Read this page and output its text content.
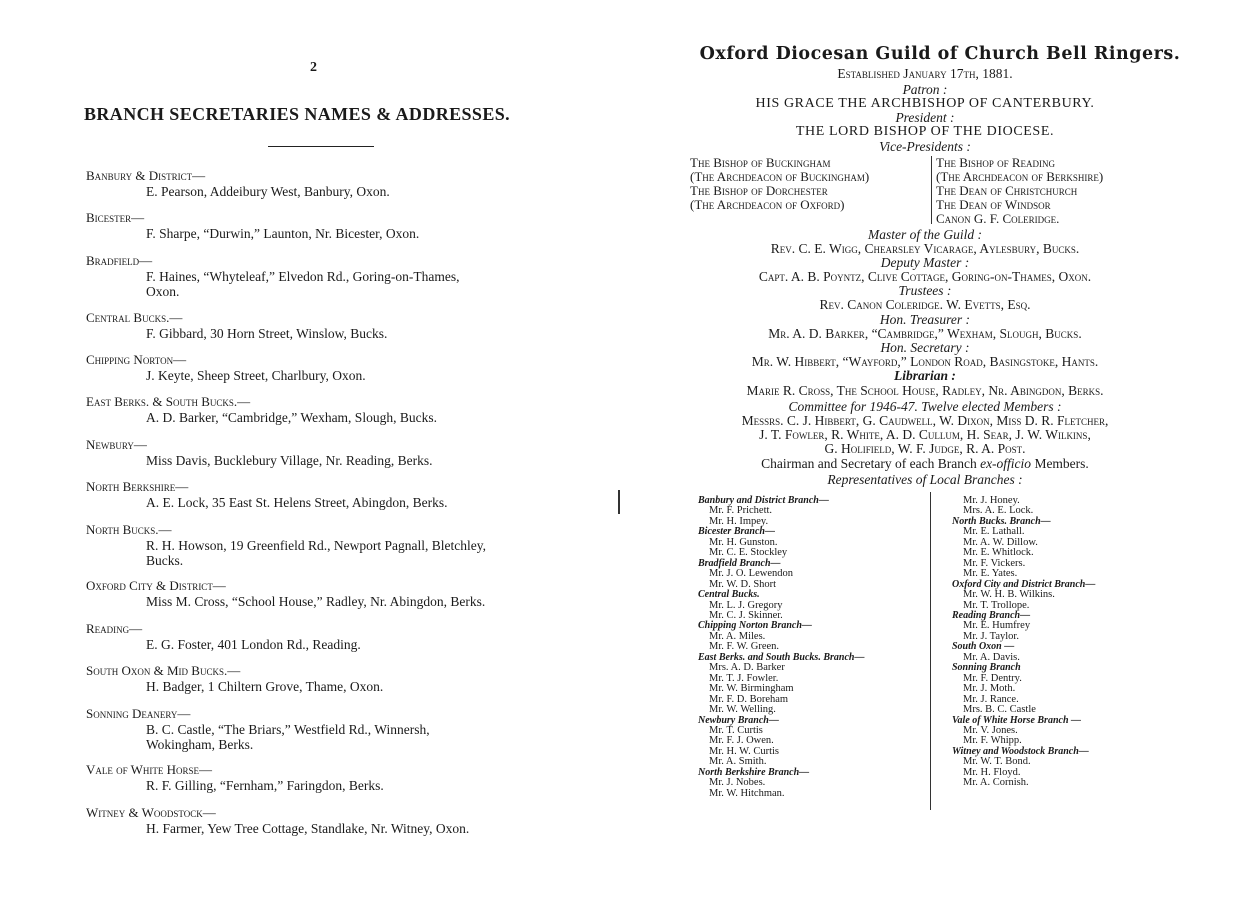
2
BRANCH SECRETARIES NAMES & ADDRESSES.
Banbury & District—
E. Pearson, Addeibury West, Banbury, Oxon.
Bicester—
F. Sharpe, “Durwin,” Launton, Nr. Bicester, Oxon.
Bradfield—
F. Haines, “Whyteleaf,” Elvedon Rd., Goring-on-Thames,
Oxon.
Central Bucks.—
F. Gibbard, 30 Horn Street, Winslow, Bucks.
Chipping Norton—
J. Keyte, Sheep Street, Charlbury, Oxon.
East Berks. & South Bucks.—
A. D. Barker, “Cambridge,” Wexham, Slough, Bucks.
Newbury—
Miss Davis, Bucklebury Village, Nr. Reading, Berks.
North Berkshire—
A. E. Lock, 35 East St. Helens Street, Abingdon, Berks.
North Bucks.—
R. H. Howson, 19 Greenfield Rd., Newport Pagnall, Bletchley,
Bucks.
Oxford City & District—
Miss M. Cross, “School House,” Radley, Nr. Abingdon, Berks.
Reading—
E. G. Foster, 401 London Rd., Reading.
South Oxon & Mid Bucks.—
H. Badger, 1 Chiltern Grove, Thame, Oxon.
Sonning Deanery—
B. C. Castle, “The Briars,” Westfield Rd., Winnersh,
Wokingham, Berks.
Vale of White Horse—
R. F. Gilling, “Fernham,” Faringdon, Berks.
Witney & Woodstock—
H. Farmer, Yew Tree Cottage, Standlake, Nr. Witney, Oxon.
Oxford Diocesan Guild of Church Bell Ringers.
Established January 17th, 1881.
Patron :
HIS GRACE THE ARCHBISHOP OF CANTERBURY.
President :
THE LORD BISHOP OF THE DIOCESE.
Vice-Presidents :
The Bishop of Buckingham
(The Archdeacon of Buckingham)
The Bishop of Dorchester
(The Archdeacon of Oxford)
The Bishop of Reading
(The Archdeacon of Berkshire)
The Dean of Christchurch
The Dean of Windsor
Canon G. F. Coleridge.
Master of the Guild :
Rev. C. E. Wigg, Chearsley Vicarage, Aylesbury, Bucks.
Deputy Master :
Capt. A. B. Poyntz, Clive Cottage, Goring-on-Thames, Oxon.
Trustees :
Rev. Canon Coleridge. W. Evetts, Esq.
Hon. Treasurer :
Mr. A. D. Barker, “Cambridge,” Wexham, Slough, Bucks.
Hon. Secretary :
Mr. W. Hibbert, “Wayford,” London Road, Basingstoke, Hants.
Librarian :
Marie R. Cross, The School House, Radley, Nr. Abingdon, Berks.
Committee for 1946-47. Twelve elected Members :
Messrs. C. J. Hibbert, G. Caudwell, W. Dixon, Miss D. R. Fletcher,
J. T. Fowler, R. White, A. D. Cullum, H. Sear, J. W. Wilkins,
G. Holifield, W. F. Judge, R. A. Post.
Chairman and Secretary of each Branch ex-officio Members.
Representatives of Local Branches :
Banbury and District Branch—
Mr. F. Prichett.
Mr. H. Impey.
Bicester Branch—
Mr. H. Gunston.
Mr. C. E. Stockley
Bradfield Branch—
Mr. J. O. Lewendon
Mr. W. D. Short
Central Bucks.
Mr. L. J. Gregory
Mr. C. J. Skinner.
Chipping Norton Branch—
Mr. A. Miles.
Mr. F. W. Green.
East Berks. and South Bucks. Branch—
Mrs. A. D. Barker
Mr. T. J. Fowler.
Mr. W. Birmingham
Mr. F. D. Boreham
Mr. W. Welling.
Newbury Branch—
Mr. T. Curtis
Mr. F. J. Owen.
Mr. H. W. Curtis
Mr. A. Smith.
North Berkshire Branch—
Mr. J. Nobes.
Mr. W. Hitchman.
Mr. J. Honey.
Mrs. A. E. Lock.
North Bucks. Branch—
Mr. E. Lathall.
Mr. A. W. Dillow.
Mr. E. Whitlock.
Mr. F. Vickers.
Mr. E. Yates.
Oxford City and District Branch—
Mr. W. H. B. Wilkins.
Mr. T. Trollope.
Reading Branch—
Mr. E. Humfrey
Mr. J. Taylor.
South Oxon —
Mr. A. Davis.
Sonning Branch
Mr. F. Dentry.
Mr. J. Moth.
Mr. J. Rance.
Mrs. B. C. Castle
Vale of White Horse Branch —
Mr. V. Jones.
Mr. F. Whipp.
Witney and Woodstock Branch—
Mr. W. T. Bond.
Mr. H. Floyd.
Mr. A. Cornish.
